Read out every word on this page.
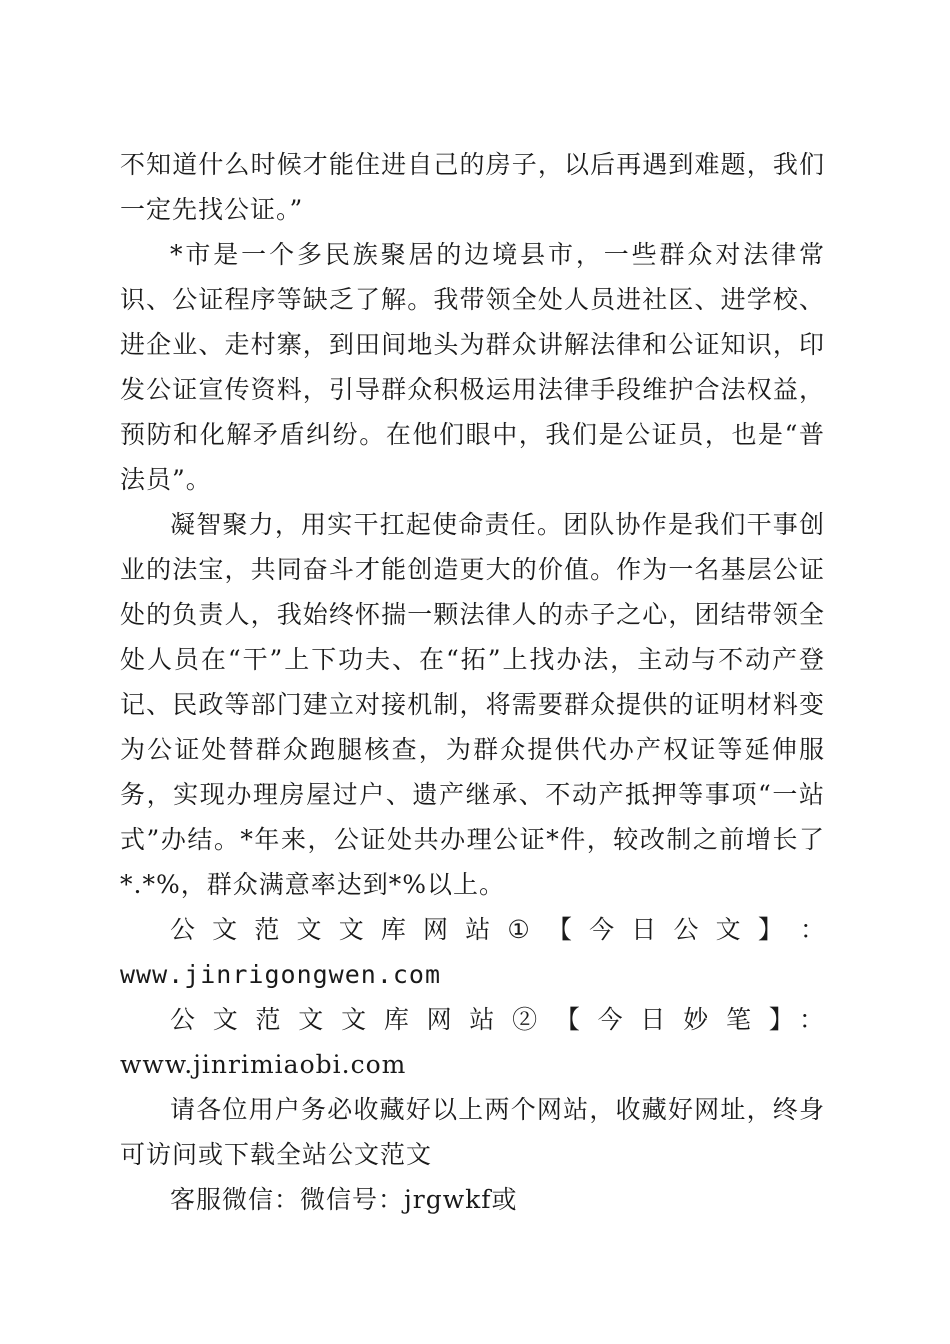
不知道什么时候才能住进自己的房子，以后再遇到难题，我们一定先找公证。”

*市是一个多民族聚居的边境县市，一些群众对法律常识、公证程序等缺乏了解。我带领全处人员进社区、进学校、进企业、走村寨，到田间地头为群众讲解法律和公证知识，印发公证宣传资料，引导群众积极运用法律手段维护合法权益，预防和化解矛盾纠纷。在他们眼中，我们是公证员，也是“普法员”。

凝智聚力，用实干扛起使命责任。团队协作是我们干事创业的法宝，共同奋斗才能创造更大的价值。作为一名基层公证处的负责人，我始终怀揣一颗法律人的赤子之心，团结带领全处人员在“干”上下功夫、在“拓”上找办法，主动与不动产登记、民政等部门建立对接机制，将需要群众提供的证明材料变为公证处替群众跑腿核查，为群众提供代办产权证等延伸服务，实现办理房屋过户、遗产继承、不动产抵押等事项“一站式”办结。*年来，公证处共办理公证*件，较改制之前增长了*.*%，群众满意率达到*%以上。

公 文 范 文 文 库 网 站 ① 【 今 日 公 文 】 ：

www.jinrigongwen.com

公文范文文库网站②【今日妙笔】：www.jinrimiaobi.com

请各位用户务必收藏好以上两个网站，收藏好网址，终身可访问或下载全站公文范文

客服微信：微信号：jrgwkf或
